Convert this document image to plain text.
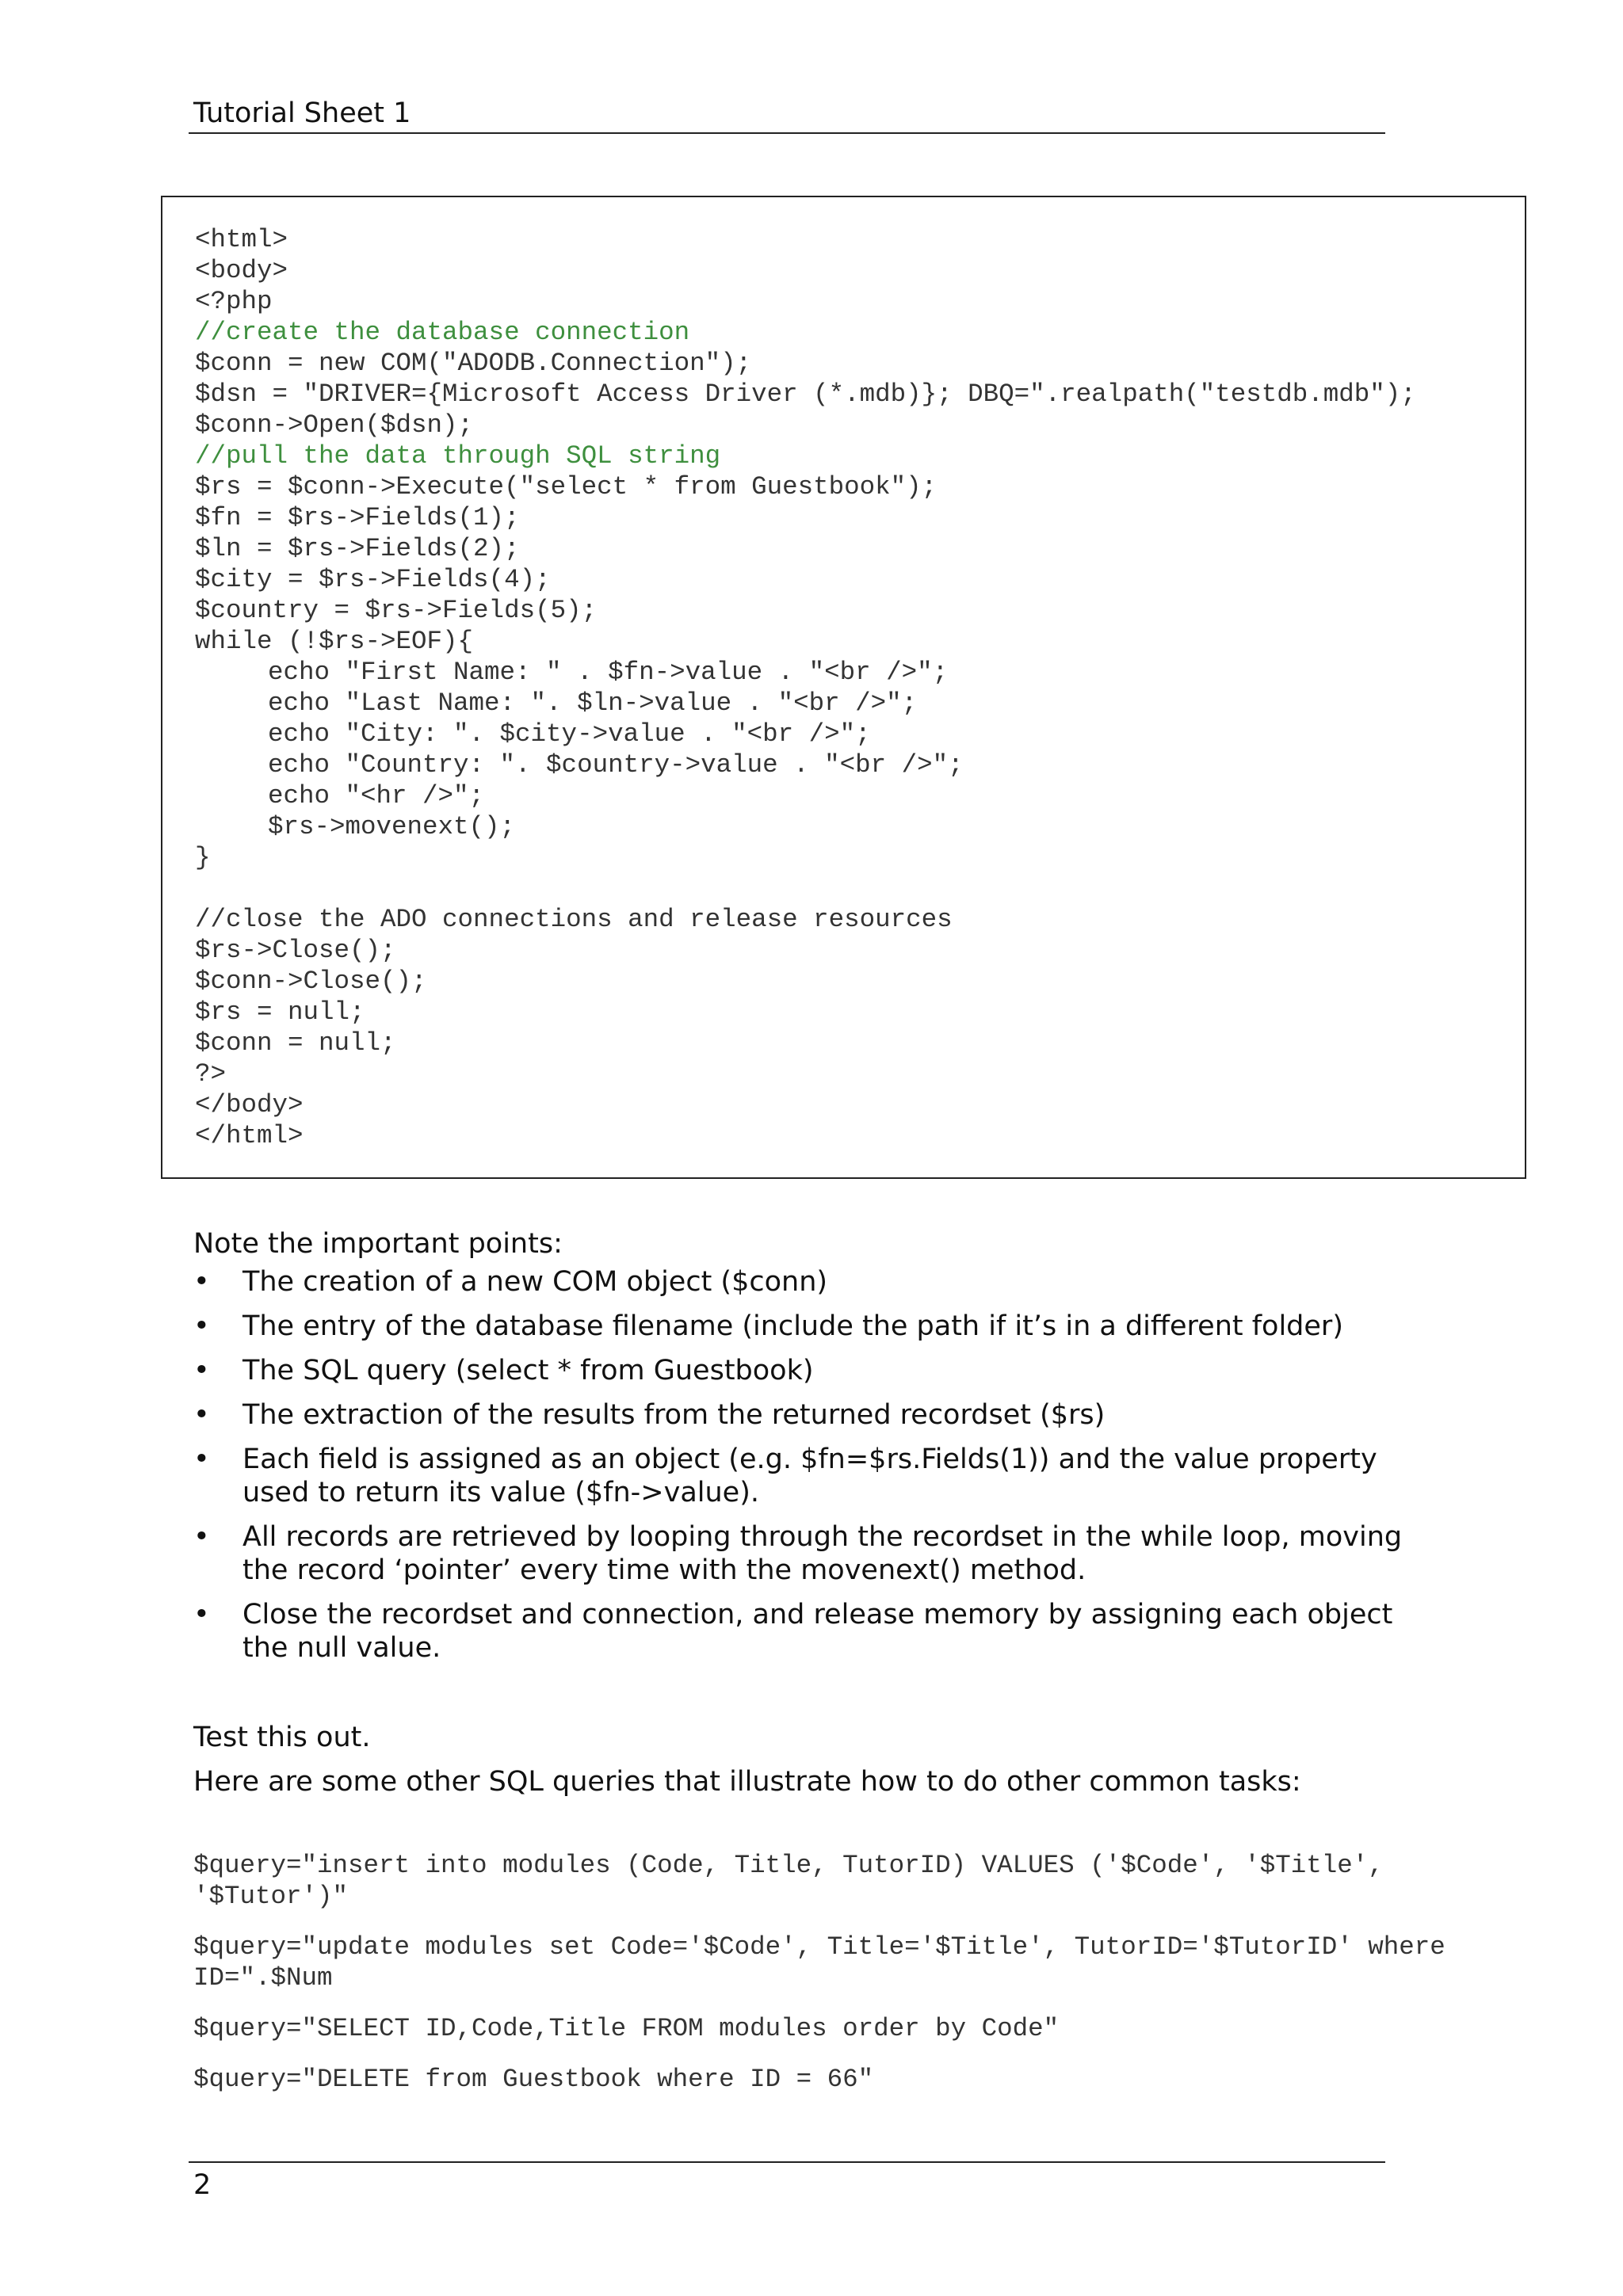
Tutorial Sheet 1
<html>
<body>
<?php
//create the database connection
$conn = new COM("ADODB.Connection");
$dsn = "DRIVER={Microsoft Access Driver (*.mdb)}; DBQ=".realpath("testdb.mdb");
$conn->Open($dsn);
//pull the data through SQL string
$rs = $conn->Execute("select * from Guestbook");
$fn = $rs->Fields(1);
$ln = $rs->Fields(2);
$city = $rs->Fields(4);
$country = $rs->Fields(5);
while (!$rs->EOF){
echo "First Name: " . $fn->value . "<br />";
echo "Last Name: ". $ln->value . "<br />";
echo "City: ". $city->value . "<br />";
echo "Country: ". $country->value . "<br />";
echo "<hr />";
$rs->movenext();
}
//close the ADO connections and release resources
$rs->Close();
$conn->Close();
$rs = null;
$conn = null;
?>
</body>
</html>
Note the important points:
• The creation of a new COM object ($conn)
• The entry of the database filename (include the path if it’s in a different folder)
• The SQL query (select * from Guestbook)
• The extraction of the results from the returned recordset ($rs)
• Each field is assigned as an object (e.g. $fn=$rs.Fields(1)) and the value property used to return its value ($fn->value).
• All records are retrieved by looping through the recordset in the while loop, moving the record ‘pointer’ every time with the movenext() method.
• Close the recordset and connection, and release memory by assigning each object the null value.
Test this out.
Here are some other SQL queries that illustrate how to do other common tasks:
$query="insert into modules (Code, Title, TutorID) VALUES ('$Code', '$Title',
'$Tutor')"
$query="update modules set Code='$Code', Title='$Title', TutorID='$TutorID' where
ID=".$Num
$query="SELECT ID,Code,Title FROM modules order by Code"
$query="DELETE from Guestbook where ID = 66"
2
